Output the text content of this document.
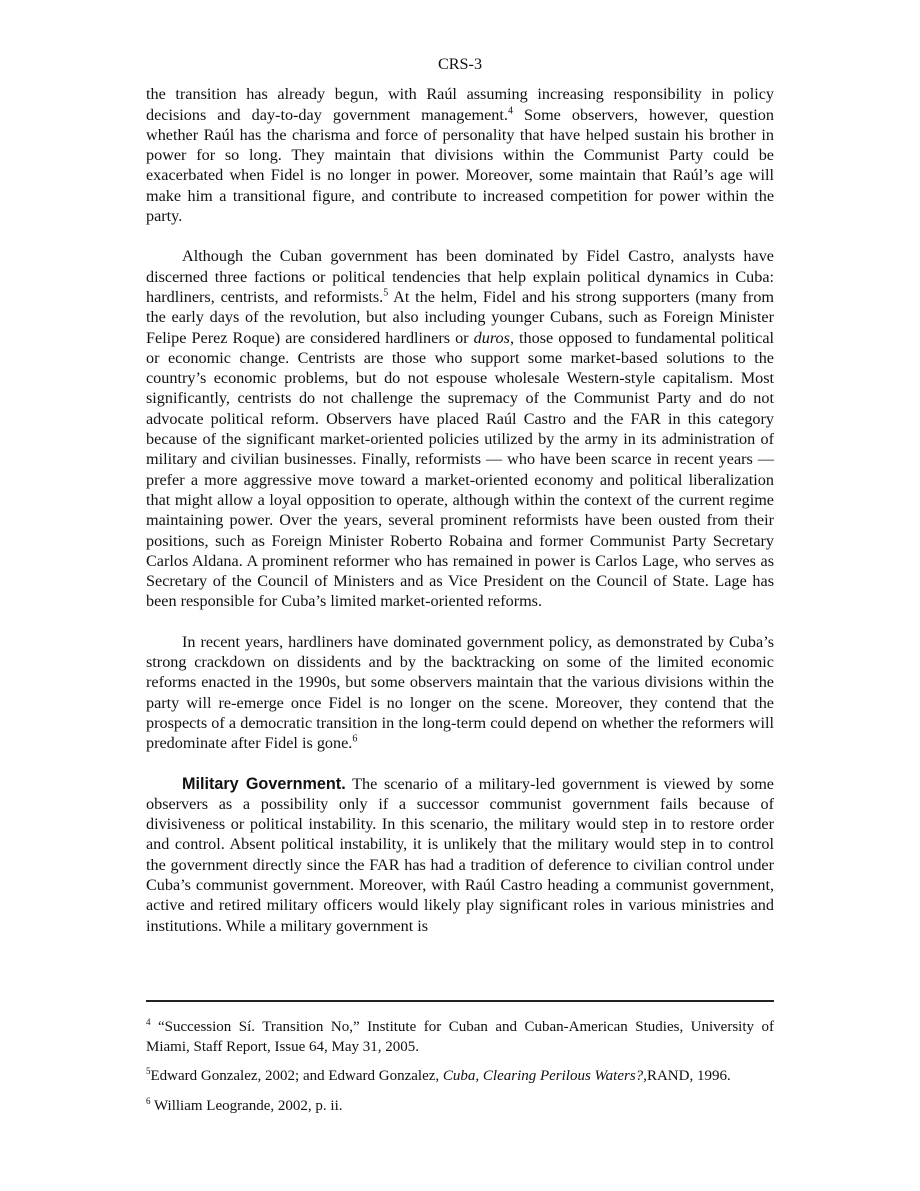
CRS-3

the transition has already begun, with Raúl assuming increasing responsibility in policy decisions and day-to-day government management.$^4$ Some observers, however, question whether Raúl has the charisma and force of personality that have helped sustain his brother in power for so long. They maintain that divisions within the Communist Party could be exacerbated when Fidel is no longer in power. Moreover, some maintain that Raúl’s age will make him a transitional figure, and contribute to increased competition for power within the party.

Although the Cuban government has been dominated by Fidel Castro, analysts have discerned three factions or political tendencies that help explain political dynamics in Cuba: hardliners, centrists, and reformists.$^5$ At the helm, Fidel and his strong supporters (many from the early days of the revolution, but also including younger Cubans, such as Foreign Minister Felipe Perez Roque) are considered hardliners or duros, those opposed to fundamental political or economic change. Centrists are those who support some market-based solutions to the country’s economic problems, but do not espouse wholesale Western-style capitalism. Most significantly, centrists do not challenge the supremacy of the Communist Party and do not advocate political reform. Observers have placed Raúl Castro and the FAR in this category because of the significant market-oriented policies utilized by the army in its administration of military and civilian businesses. Finally, reformists — who have been scarce in recent years — prefer a more aggressive move toward a market-oriented economy and political liberalization that might allow a loyal opposition to operate, although within the context of the current regime maintaining power. Over the years, several prominent reformists have been ousted from their positions, such as Foreign Minister Roberto Robaina and former Communist Party Secretary Carlos Aldana. A prominent reformer who has remained in power is Carlos Lage, who serves as Secretary of the Council of Ministers and as Vice President on the Council of State. Lage has been responsible for Cuba’s limited market-oriented reforms.

In recent years, hardliners have dominated government policy, as demonstrated by Cuba’s strong crackdown on dissidents and by the backtracking on some of the limited economic reforms enacted in the 1990s, but some observers maintain that the various divisions within the party will re-emerge once Fidel is no longer on the scene. Moreover, they contend that the prospects of a democratic transition in the long-term could depend on whether the reformers will predominate after Fidel is gone.$^6$

Military Government. The scenario of a military-led government is viewed by some observers as a possibility only if a successor communist government fails because of divisiveness or political instability. In this scenario, the military would step in to restore order and control. Absent political instability, it is unlikely that the military would step in to control the government directly since the FAR has had a tradition of deference to civilian control under Cuba’s communist government. Moreover, with Raúl Castro heading a communist government, active and retired military officers would likely play significant roles in various ministries and institutions. While a military government is

$^4$ “Succession Sí. Transition No,” Institute for Cuban and Cuban-American Studies, University of Miami, Staff Report, Issue 64, May 31, 2005.
$^5$Edward Gonzalez, 2002; and Edward Gonzalez, Cuba, Clearing Perilous Waters?,RAND, 1996.
$^6$ William Leogrande, 2002, p. ii.
